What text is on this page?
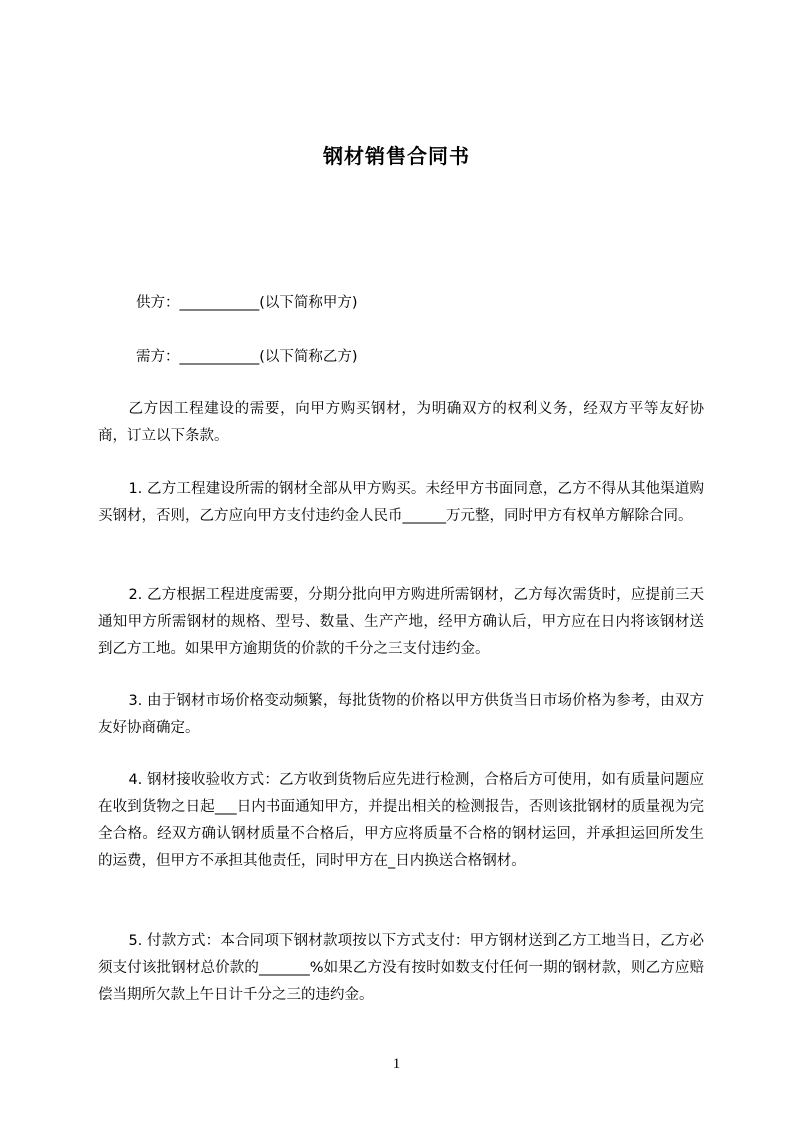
钢材销售合同书
供方：___________(以下简称甲方)
需方：___________(以下简称乙方)
乙方因工程建设的需要，向甲方购买钢材，为明确双方的权利义务，经双方平等友好协商，订立以下条款。
1. 乙方工程建设所需的钢材全部从甲方购买。未经甲方书面同意，乙方不得从其他渠道购买钢材，否则，乙方应向甲方支付违约金人民币______万元整，同时甲方有权单方解除合同。
2. 乙方根据工程进度需要，分期分批向甲方购进所需钢材，乙方每次需货时，应提前三天通知甲方所需钢材的规格、型号、数量、生产产地，经甲方确认后，甲方应在日内将该钢材送到乙方工地。如果甲方逾期货的价款的千分之三支付违约金。
3. 由于钢材市场价格变动频繁，每批货物的价格以甲方供货当日市场价格为参考，由双方友好协商确定。
4. 钢材接收验收方式：乙方收到货物后应先进行检测，合格后方可使用，如有质量问题应在收到货物之日起___日内书面通知甲方，并提出相关的检测报告，否则该批钢材的质量视为完全合格。经双方确认钢材质量不合格后，甲方应将质量不合格的钢材运回，并承担运回所发生的运费，但甲方不承担其他责任，同时甲方在_日内换送合格钢材。
5. 付款方式：本合同项下钢材款项按以下方式支付：甲方钢材送到乙方工地当日，乙方必须支付该批钢材总价款的_______%如果乙方没有按时如数支付任何一期的钢材款，则乙方应赔偿当期所欠款上午日计千分之三的违约金。
1
